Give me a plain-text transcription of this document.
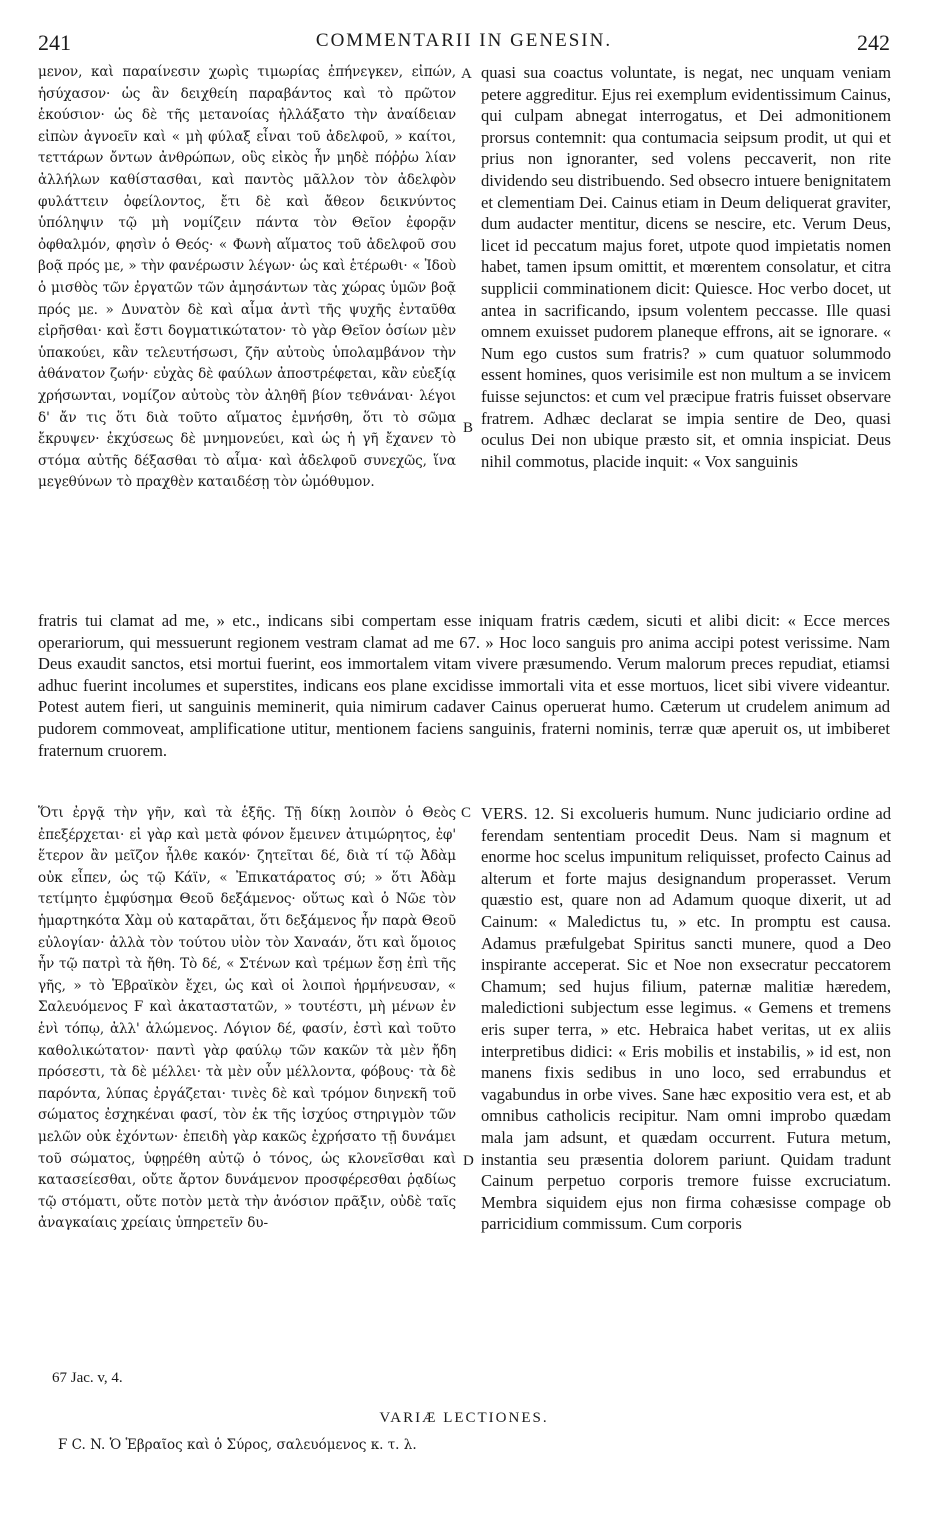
241	COMMENTARII IN GENESIN.	242

μενον, καὶ παραίνεσιν χωρὶς τιμωρίας ἐπήνεγκεν, εἰπών, ἡσύχασον· ὡς ἂν δειχθείη παραβάντος καὶ τὸ πρῶτον ἑκούσιον· ὡς δὲ τῆς μετανοίας ἠλλάξατο τὴν ἀναίδειαν εἰπὼν ἀγνοεῖν καὶ « μὴ φύλαξ εἶναι τοῦ ἀδελφοῦ, » καίτοι, τεττάρων ὄντων ἀνθρώπων, οὓς εἰκὸς ἦν μηδὲ πόῤῥω λίαν ἀλλήλων καθίστασθαι, καὶ παντὸς μᾶλλον τὸν ἀδελφὸν φυλάττειν ὀφείλοντος, ἔτι δὲ καὶ ἄθεον δεικνύντος ὑπόληψιν τῷ μὴ νομίζειν πάντα τὸν Θεῖον ἐφορᾷν ὀφθαλμόν, φησὶν ὁ Θεός· « Φωνὴ αἵματος τοῦ ἀδελφοῦ σου βοᾷ πρός με, » τὴν φανέρωσιν λέγων· ὡς καὶ ἑτέρωθι· « Ἰδοὺ ὁ μισθὸς τῶν ἐργατῶν τῶν ἀμησάντων τὰς χώρας ὑμῶν βοᾷ πρός με. » Δυνατὸν δὲ καὶ αἷμα ἀντὶ τῆς ψυχῆς ἐνταῦθα εἰρῆσθαι· καὶ ἔστι δογματικώτατον· τὸ γὰρ Θεῖον ὁσίων μὲν ὑπακούει, κἂν τελευτήσωσι, ζῆν αὐτοὺς ὑπολαμβάνον τὴν ἀθάνατον ζωήν· εὐχὰς δὲ φαύλων ἀποστρέφεται, κἂν εὐεξίᾳ χρήσωνται, νομίζον αὐτοὺς τὸν ἀληθῆ βίον τεθνάναι· λέγοι δ' ἄν τις ὅτι διὰ τοῦτο αἵματος ἐμνήσθη, ὅτι τὸ σῶμα ἔκρυψεν· ἐκχύσεως δὲ μνημονεύει, καὶ ὡς ἡ γῆ ἔχανεν τὸ στόμα αὐτῆς δέξασθαι τὸ αἷμα· καὶ ἀδελφοῦ συνεχῶς, ἵνα μεγεθύνων τὸ πραχθὲν καταιδέσῃ τὸν ὠμόθυμον.

quasi sua coactus voluntate, is negat, nec unquam veniam petere aggreditur. Ejus rei exemplum evidentissimum Cainus, qui culpam abnegat interrogatus, et Dei admonitionem prorsus contemnit: qua contumacia seipsum prodit, ut qui et prius non ignoranter, sed volens peccaverit, non rite dividendo seu distribuendo. Sed obsecro intuere benignitatem et clementiam Dei. Cainus etiam in Deum deliquerat graviter, dum audacter mentitur, dicens se nescire, etc. Verum Deus, licet id peccatum majus foret, utpote quod impietatis nomen habet, tamen ipsum omittit, et mœrentem consolatur, et citra supplicii comminationem dicit: Quiesce. Hoc verbo docet, ut antea in sacrificando, ipsum volentem peccasse. Ille quasi omnem exuisset pudorem planeque effrons, ait se ignorare. « Num ego custos sum fratris? » cum quatuor solummodo essent homines, quos verisimile est non multum a se invicem fuisse sejunctos: et cum vel præcipue fratris fuisset observare fratrem. Adhæc declarat se impia sentire de Deo, quasi oculus Dei non ubique præsto sit, et omnia inspiciat. Deus nihil commotus, placide inquit: « Vox sanguinis

A
B

fratris tui clamat ad me, » etc., indicans sibi compertam esse iniquam fratris cædem, sicuti et alibi dicit: « Ecce merces operariorum, qui messuerunt regionem vestram clamat ad me 67. » Hoc loco sanguis pro anima accipi potest verissime. Nam Deus exaudit sanctos, etsi mortui fuerint, eos immortalem vitam vivere præsumendo. Verum malorum preces repudiat, etiamsi adhuc fuerint incolumes et superstites, indicans eos plane excidisse immortali vita et esse mortuos, licet sibi vivere videantur. Potest autem fieri, ut sanguinis meminerit, quia nimirum cadaver Cainus operuerat humo. Cæterum ut crudelem animum ad pudorem commoveat, amplificatione utitur, mentionem faciens sanguinis, fraterni nominis, terræ quæ aperuit os, ut imbiberet fraternum cruorem.

Ὅτι ἐργᾷ τὴν γῆν, καὶ τὰ ἑξῆς. Τῇ δίκῃ λοιπὸν ὁ Θεὸς ἐπεξέρχεται· εἰ γὰρ καὶ μετὰ φόνον ἔμεινεν ἀτιμώρητος, ἐφ' ἕτερον ἂν μεῖζον ἦλθε κακόν· ζητεῖται δέ, διὰ τί τῷ Ἀδὰμ οὐκ εἶπεν, ὡς τῷ Κάϊν, « Ἐπικατάρατος σύ; » ὅτι Ἀδὰμ τετίμητο ἐμφύσημα Θεοῦ δεξάμενος· οὕτως καὶ ὁ Νῶε τὸν ἡμαρτηκότα Χὰμ οὐ καταρᾶται, ὅτι δεξάμενος ἦν παρὰ Θεοῦ εὐλογίαν· ἀλλὰ τὸν τούτου υἱὸν τὸν Χαναάν, ὅτι καὶ ὅμοιος ἦν τῷ πατρὶ τὰ ἤθη. Τὸ δέ, « Στένων καὶ τρέμων ἔσῃ ἐπὶ τῆς γῆς, » τὸ Ἑβραϊκὸν ἔχει, ὡς καὶ οἱ λοιποὶ ἡρμήνευσαν, « Σαλευόμενος F καὶ ἀκαταστατῶν, » τουτέστι, μὴ μένων ἐν ἑνὶ τόπῳ, ἀλλ' ἀλώμενος. Λόγιον δέ, φασίν, ἐστὶ καὶ τοῦτο καθολικώτατον· παντὶ γὰρ φαύλῳ τῶν κακῶν τὰ μὲν ἤδη πρόσεστι, τὰ δὲ μέλλει· τὰ μὲν οὖν μέλλοντα, φόβους· τὰ δὲ παρόντα, λύπας ἐργάζεται· τινὲς δὲ καὶ τρόμον διηνεκῆ τοῦ σώματος ἐσχηκέναι φασί, τὸν ἐκ τῆς ἰσχύος στηριγμὸν τῶν μελῶν οὐκ ἐχόντων· ἐπειδὴ γὰρ κακῶς ἐχρήσατο τῇ δυνάμει τοῦ σώματος, ὑφῃρέθη αὐτῷ ὁ τόνος, ὡς κλονεῖσθαι καὶ κατασείεσθαι, οὔτε ἄρτον δυνάμενον προσφέρεσθαι ῥᾳδίως τῷ στόματι, οὔτε ποτὸν μετὰ τὴν ἀνόσιον πρᾶξιν, οὐδὲ ταῖς ἀναγκαίαις χρείαις ὑπηρετεῖν δυ-

VERS. 12. Si excolueris humum. Nunc judiciario ordine ad ferendam sententiam procedit Deus. Nam si magnum et enorme hoc scelus impunitum reliquisset, profecto Cainus ad alterum et forte majus designandum properasset. Verum quæstio est, quare non ad Adamum quoque dixerit, ut ad Cainum: « Maledictus tu, » etc. In promptu est causa. Adamus præfulgebat Spiritus sancti munere, quod a Deo inspirante acceperat. Sic et Noe non exsecratur peccatorem Chamum; sed hujus filium, paternæ malitiæ hæredem, maledictioni subjectum esse legimus. « Gemens et tremens eris super terra, » etc. Hebraica habet veritas, ut ex aliis interpretibus didici: « Eris mobilis et instabilis, » id est, non manens fixis sedibus in uno loco, sed errabundus et vagabundus in orbe vives. Sane hæc expositio vera est, et ab omnibus catholicis recipitur. Nam omni improbo quædam mala jam adsunt, et quædam occurrent. Futura metum, instantia seu præsentia dolorem pariunt. Quidam tradunt Cainum perpetuo corporis tremore fuisse excruciatum. Membra siquidem ejus non firma cohæsisse compage ob parricidium commissum. Cum corporis

C
D
67 Jac. v, 4.
VARIÆ LECTIONES.
F C. N. Ὁ Ἑβραῖος καὶ ὁ Σύρος, σαλευόμενος κ. τ. λ.
